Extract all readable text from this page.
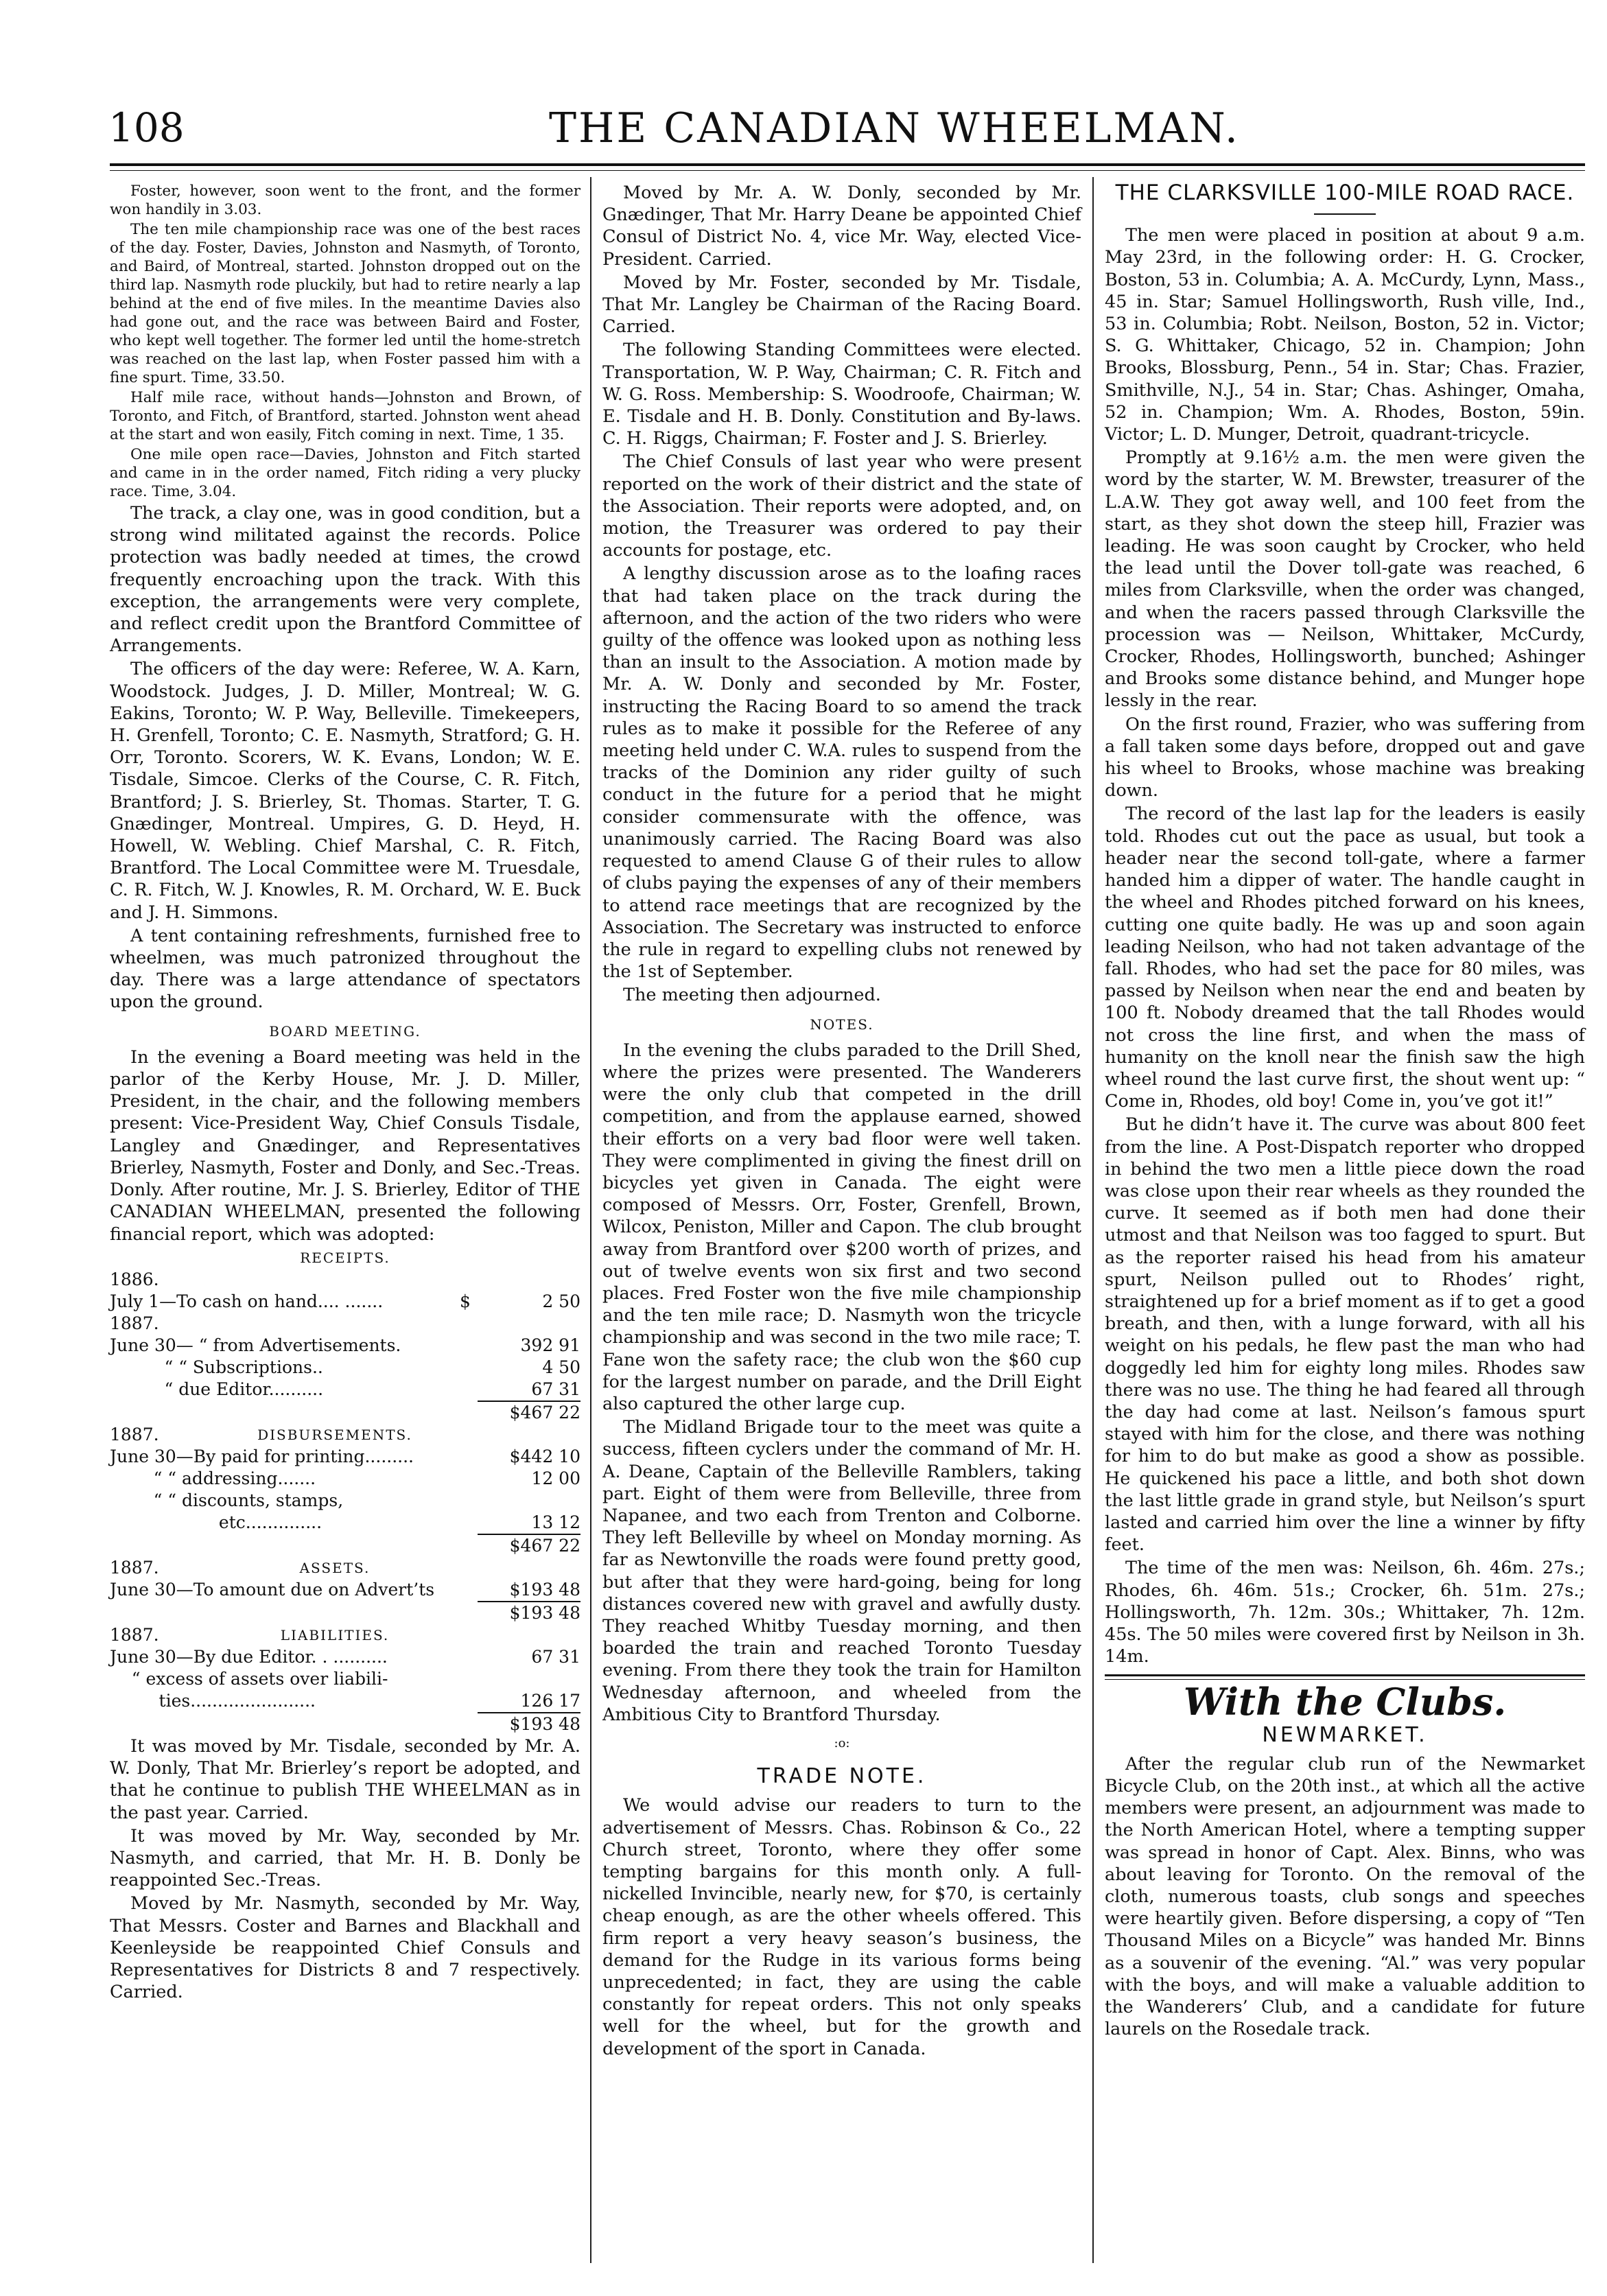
108	THE CANADIAN WHEELMAN.

Foster, however, soon went to the front, and the former won handily in 3.03.

The ten mile championship race was one of the best races of the day. Foster, Davies, Johnston and Nasmyth, of Toronto, and Baird, of Montreal, started. Johnston dropped out on the third lap. Nasmyth rode pluckily, but had to retire nearly a lap behind at the end of five miles. In the meantime Davies also had gone out, and the race was between Baird and Foster, who kept well together. The former led until the home-stretch was reached on the last lap, when Foster passed him with a fine spurt. Time, 33.50.

Half mile race, without hands—Johnston and Brown, of Toronto, and Fitch, of Brantford, started. Johnston went ahead at the start and won easily, Fitch coming in next. Time, 1 35.

One mile open race—Davies, Johnston and Fitch started and came in in the order named, Fitch riding a very plucky race. Time, 3.04.

The track, a clay one, was in good condition, but a strong wind militated against the records. Police protection was badly needed at times, the crowd frequently encroaching upon the track. With this exception, the arrangements were very complete, and reflect credit upon the Brantford Committee of Arrangements.

The officers of the day were: Referee, W. A. Karn, Woodstock. Judges, J. D. Miller, Montreal; W. G. Eakins, Toronto; W. P. Way, Belleville. Timekeepers, H. Grenfell, Toronto; C. E. Nasmyth, Stratford; G. H. Orr, Toronto. Scorers, W. K. Evans, London; W. E. Tisdale, Simcoe. Clerks of the Course, C. R. Fitch, Brantford; J. S. Brierley, St. Thomas. Starter, T. G. Gnædinger, Montreal. Umpires, G. D. Heyd, H. Howell, W. Webling. Chief Marshal, C. R. Fitch, Brantford. The Local Committee were M. Truesdale, C. R. Fitch, W. J. Knowles, R. M. Orchard, W. E. Buck and J. H. Simmons.

A tent containing refreshments, furnished free to wheelmen, was much patronized throughout the day. There was a large attendance of spectators upon the ground.

BOARD MEETING.

In the evening a Board meeting was held in the parlor of the Kerby House, Mr. J. D. Miller, President, in the chair, and the following members present: Vice-President Way, Chief Consuls Tisdale, Langley and Gnædinger, and Representatives Brierley, Nasmyth, Foster and Donly, and Sec.-Treas. Donly. After routine, Mr. J. S. Brierley, Editor of THE CANADIAN WHEELMAN, presented the following financial report, which was adopted:

RECEIPTS.
1886.		
July 1—To cash on hand.... .......	$	2 50
1887.		
June 30— “ from Advertisements.		392 91
“ “ Subscriptions..		4 50
“ due Editor..........		67 31
		$467 22
1887.	DISBURSEMENTS.	
June 30—By paid for printing.........	$442 10
“ “ addressing.......	12 00
“ “ discounts, stamps,	
etc..............	13 12
	$467 22
1887.	ASSETS.	
June 30—To amount due on Advert’ts	$193 48
	$193 48
1887.	LIABILITIES.	
June 30—By due Editor. . ..........	67 31
“ excess of assets over liabili-	
ties.......................	126 17
	$193 48

It was moved by Mr. Tisdale, seconded by Mr. A. W. Donly, That Mr. Brierley’s report be adopted, and that he continue to publish THE WHEELMAN as in the past year. Carried.

It was moved by Mr. Way, seconded by Mr. Nasmyth, and carried, that Mr. H. B. Donly be reappointed Sec.-Treas.

Moved by Mr. Nasmyth, seconded by Mr. Way, That Messrs. Coster and Barnes and Blackhall and Keenleyside be reappointed Chief Consuls and Representatives for Districts 8 and 7 respectively. Carried.

Moved by Mr. A. W. Donly, seconded by Mr. Gnædinger, That Mr. Harry Deane be appointed Chief Consul of District No. 4, vice Mr. Way, elected Vice-President. Carried.

Moved by Mr. Foster, seconded by Mr. Tisdale, That Mr. Langley be Chairman of the Racing Board. Carried.

The following Standing Committees were elected. Transportation, W. P. Way, Chairman; C. R. Fitch and W. G. Ross. Membership: S. Woodroofe, Chairman; W. E. Tisdale and H. B. Donly. Constitution and By-laws. C. H. Riggs, Chairman; F. Foster and J. S. Brierley.

The Chief Consuls of last year who were present reported on the work of their district and the state of the Association. Their reports were adopted, and, on motion, the Treasurer was ordered to pay their accounts for postage, etc.

A lengthy discussion arose as to the loafing races that had taken place on the track during the afternoon, and the action of the two riders who were guilty of the offence was looked upon as nothing less than an insult to the Association. A motion made by Mr. A. W. Donly and seconded by Mr. Foster, instructing the Racing Board to so amend the track rules as to make it possible for the Referee of any meeting held under C. W.A. rules to suspend from the tracks of the Dominion any rider guilty of such conduct in the future for a period that he might consider commensurate with the offence, was unanimously carried. The Racing Board was also requested to amend Clause G of their rules to allow of clubs paying the expenses of any of their members to attend race meetings that are recognized by the Association. The Secretary was instructed to enforce the rule in regard to expelling clubs not renewed by the 1st of September.

The meeting then adjourned.

NOTES.

In the evening the clubs paraded to the Drill Shed, where the prizes were presented. The Wanderers were the only club that competed in the drill competition, and from the applause earned, showed their efforts on a very bad floor were well taken. They were complimented in giving the finest drill on bicycles yet given in Canada. The eight were composed of Messrs. Orr, Foster, Grenfell, Brown, Wilcox, Peniston, Miller and Capon. The club brought away from Brantford over $200 worth of prizes, and out of twelve events won six first and two second places. Fred Foster won the five mile championship and the ten mile race; D. Nasmyth won the tricycle championship and was second in the two mile race; T. Fane won the safety race; the club won the $60 cup for the largest number on parade, and the Drill Eight also captured the other large cup.

The Midland Brigade tour to the meet was quite a success, fifteen cyclers under the command of Mr. H. A. Deane, Captain of the Belleville Ramblers, taking part. Eight of them were from Belleville, three from Napanee, and two each from Trenton and Colborne. They left Belleville by wheel on Monday morning. As far as Newtonville the roads were found pretty good, but after that they were hard-going, being for long distances covered new with gravel and awfully dusty. They reached Whitby Tuesday morning, and then boarded the train and reached Toronto Tuesday evening. From there they took the train for Hamilton Wednesday afternoon, and wheeled from the Ambitious City to Brantford Thursday.

:o:
TRADE NOTE.

We would advise our readers to turn to the advertisement of Messrs. Chas. Robinson & Co., 22 Church street, Toronto, where they offer some tempting bargains for this month only. A full-nickelled Invincible, nearly new, for $70, is certainly cheap enough, as are the other wheels offered. This firm report a very heavy season’s business, the demand for the Rudge in its various forms being unprecedented; in fact, they are using the cable constantly for repeat orders. This not only speaks well for the wheel, but for the growth and development of the sport in Canada.

THE CLARKSVILLE 100-MILE ROAD RACE.

The men were placed in position at about 9 a.m. May 23rd, in the following order: H. G. Crocker, Boston, 53 in. Columbia; A. A. McCurdy, Lynn, Mass., 45 in. Star; Samuel Hollingsworth, Rush ville, Ind., 53 in. Columbia; Robt. Neilson, Boston, 52 in. Victor; S. G. Whittaker, Chicago, 52 in. Champion; John Brooks, Blossburg, Penn., 54 in. Star; Chas. Frazier, Smithville, N.J., 54 in. Star; Chas. Ashinger, Omaha, 52 in. Champion; Wm. A. Rhodes, Boston, 59in. Victor; L. D. Munger, Detroit, quadrant-tricycle.

Promptly at 9.16½ a.m. the men were given the word by the starter, W. M. Brewster, treasurer of the L.A.W. They got away well, and 100 feet from the start, as they shot down the steep hill, Frazier was leading. He was soon caught by Crocker, who held the lead until the Dover toll-gate was reached, 6 miles from Clarksville, when the order was changed, and when the racers passed through Clarksville the procession was — Neilson, Whittaker, McCurdy, Crocker, Rhodes, Hollingsworth, bunched; Ashinger and Brooks some distance behind, and Munger hope lessly in the rear.

On the first round, Frazier, who was suffering from a fall taken some days before, dropped out and gave his wheel to Brooks, whose machine was breaking down.

The record of the last lap for the leaders is easily told. Rhodes cut out the pace as usual, but took a header near the second toll-gate, where a farmer handed him a dipper of water. The handle caught in the wheel and Rhodes pitched forward on his knees, cutting one quite badly. He was up and soon again leading Neilson, who had not taken advantage of the fall. Rhodes, who had set the pace for 80 miles, was passed by Neilson when near the end and beaten by 100 ft. Nobody dreamed that the tall Rhodes would not cross the line first, and when the mass of humanity on the knoll near the finish saw the high wheel round the last curve first, the shout went up: “ Come in, Rhodes, old boy! Come in, you’ve got it!”

But he didn’t have it. The curve was about 800 feet from the line. A Post-Dispatch reporter who dropped in behind the two men a little piece down the road was close upon their rear wheels as they rounded the curve. It seemed as if both men had done their utmost and that Neilson was too fagged to spurt. But as the reporter raised his head from his amateur spurt, Neilson pulled out to Rhodes’ right, straightened up for a brief moment as if to get a good breath, and then, with a lunge forward, with all his weight on his pedals, he flew past the man who had doggedly led him for eighty long miles. Rhodes saw there was no use. The thing he had feared all through the day had come at last. Neilson’s famous spurt stayed with him for the close, and there was nothing for him to do but make as good a show as possible. He quickened his pace a little, and both shot down the last little grade in grand style, but Neilson’s spurt lasted and carried him over the line a winner by fifty feet.

The time of the men was: Neilson, 6h. 46m. 27s.; Rhodes, 6h. 46m. 51s.; Crocker, 6h. 51m. 27s.; Hollingsworth, 7h. 12m. 30s.; Whittaker, 7h. 12m. 45s. The 50 miles were covered first by Neilson in 3h. 14m.

With the Clubs.
NEWMARKET.

After the regular club run of the Newmarket Bicycle Club, on the 20th inst., at which all the active members were present, an adjournment was made to the North American Hotel, where a tempting supper was spread in honor of Capt. Alex. Binns, who was about leaving for Toronto. On the removal of the cloth, numerous toasts, club songs and speeches were heartily given. Before dispersing, a copy of “Ten Thousand Miles on a Bicycle” was handed Mr. Binns as a souvenir of the evening. “Al.” was very popular with the boys, and will make a valuable addition to the Wanderers’ Club, and a candidate for future laurels on the Rosedale track.
